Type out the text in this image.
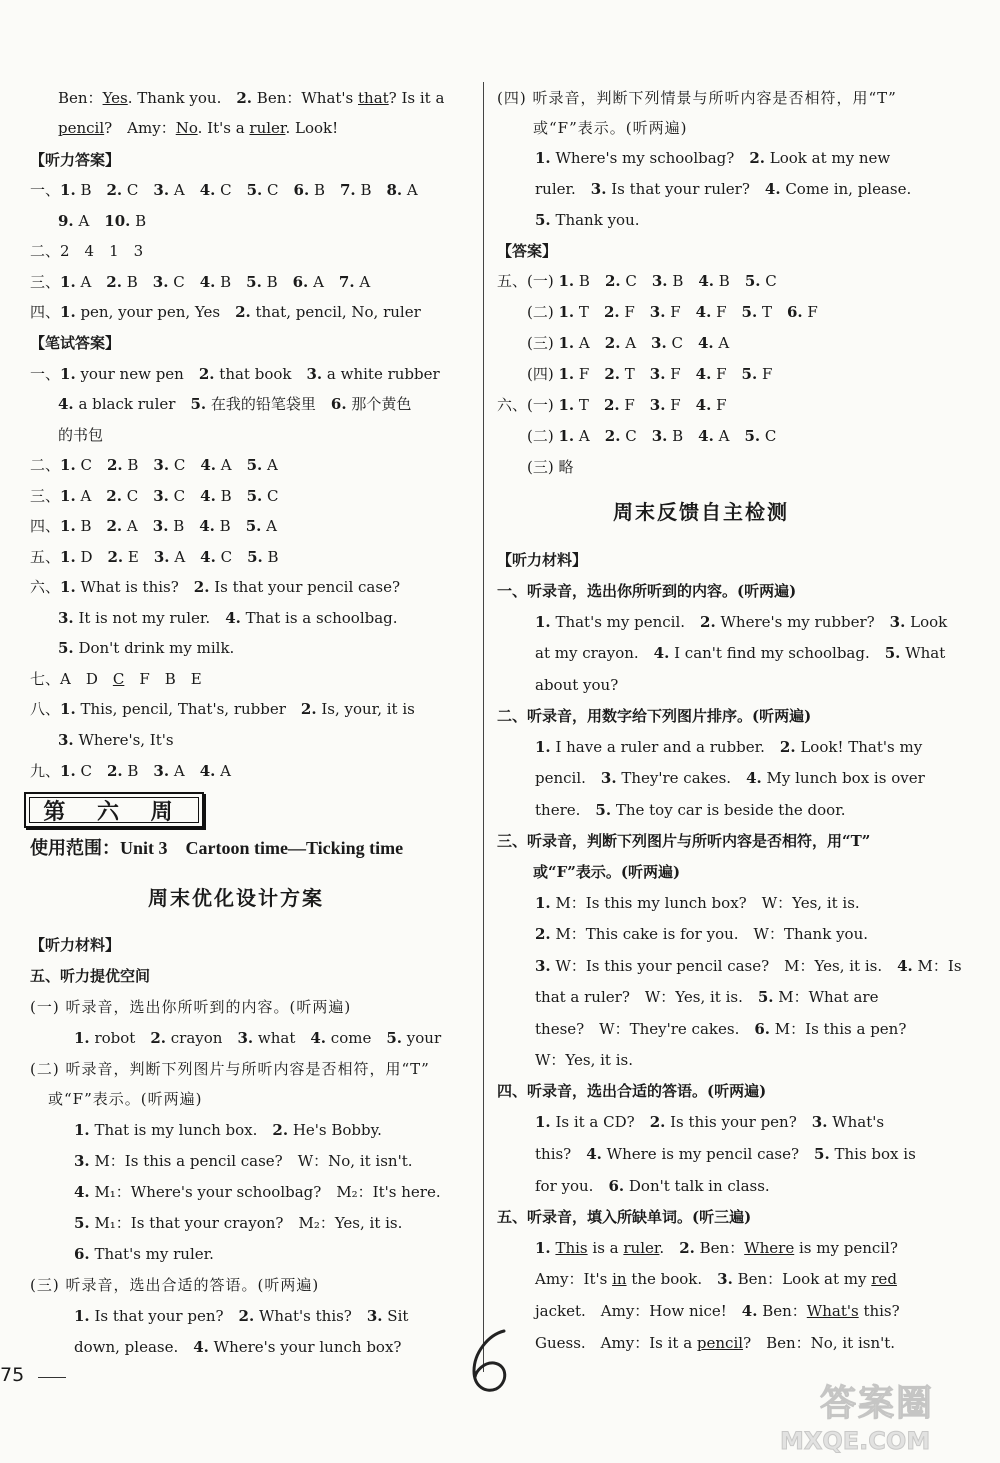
Ben：Yes. Thank you.　2. Ben：What's that? Is it a
pencil?　Amy：No. It's a ruler. Look!
【听力答案】
一、1. B　2. C　3. A　4. C　5. C　6. B　7. B　8. A
9. A　10. B
二、2　4　1　3
三、1. A　2. B　3. C　4. B　5. B　6. A　7. A
四、1. pen, your pen, Yes　2. that, pencil, No, ruler
【笔试答案】
一、1. your new pen　2. that book　3. a white rubber
4. a black ruler　5. 在我的铅笔袋里　6. 那个黄色
的书包
二、1. C　2. B　3. C　4. A　5. A
三、1. A　2. C　3. C　4. B　5. C
四、1. B　2. A　3. B　4. B　5. A
五、1. D　2. E　3. A　4. C　5. B
六、1. What is this?　2. Is that your pencil case?
3. It is not my ruler.　4. That is a schoolbag.
5. Don't drink my milk.
七、A　D　C　F　B　E
八、1. This, pencil, That's, rubber　2. Is, your, it is
3. Where's, It's
九、1. C　2. B　3. A　4. A
使用范围：Unit 3　Cartoon time—Ticking time
周末优化设计方案
【听力材料】
五、听力提优空间
(一) 听录音，选出你所听到的内容。(听两遍)
1. robot　2. crayon　3. what　4. come　5. your
(二) 听录音，判断下列图片与所听内容是否相符，用“T”
或“F”表示。(听两遍)
1. That is my lunch box.　2. He's Bobby.
3. M：Is this a pencil case?　W：No, it isn't.
4. M₁：Where's your schoolbag?　M₂：It's here.
5. M₁：Is that your crayon?　M₂：Yes, it is.
6. That's my ruler.
(三) 听录音，选出合适的答语。(听两遍)
1. Is that your pen?　2. What's this?　3. Sit
down, please.　4. Where's your lunch box?
(四) 听录音，判断下列情景与所听内容是否相符，用“T”
或“F”表示。(听两遍)
1. Where's my schoolbag?　2. Look at my new
ruler.　3. Is that your ruler?　4. Come in, please.
5. Thank you.
【答案】
五、(一) 1. B　2. C　3. B　4. B　5. C
(二) 1. T　2. F　3. F　4. F　5. T　6. F
(三) 1. A　2. A　3. C　4. A
(四) 1. F　2. T　3. F　4. F　5. F
六、(一) 1. T　2. F　3. F　4. F
(二) 1. A　2. C　3. B　4. A　5. C
(三) 略
周末反馈自主检测
【听力材料】
一、听录音，选出你所听到的内容。(听两遍)
1. That's my pencil.　2. Where's my rubber?　3. Look
at my crayon.　4. I can't find my schoolbag.　5. What
about you?
二、听录音，用数字给下列图片排序。(听两遍)
1. I have a ruler and a rubber.　2. Look! That's my
pencil.　3. They're cakes.　4. My lunch box is over
there.　5. The toy car is beside the door.
三、听录音，判断下列图片与所听内容是否相符，用“T”
或“F”表示。(听两遍)
1. M：Is this my lunch box?　W：Yes, it is.
2. M：This cake is for you.　W：Thank you.
3. W：Is this your pencil case?　M：Yes, it is.　4. M：Is
that a ruler?　W：Yes, it is.　5. M：What are
these?　W：They're cakes.　6. M：Is this a pen?
W：Yes, it is.
四、听录音，选出合适的答语。(听两遍)
1. Is it a CD?　2. Is this your pen?　3. What's
this?　4. Where is my pencil case?　5. This box is
for you.　6. Don't talk in class.
五、听录音，填入所缺单词。(听三遍)
1. This is a ruler.　2. Ben：Where is my pencil?
Amy：It's in the book.　3. Ben：Look at my red
jacket.　Amy：How nice!　4. Ben：What's this?
Guess.　Amy：Is it a pencil?　Ben：No, it isn't.
第 六 周
75
答案圈
MXQE.COM
